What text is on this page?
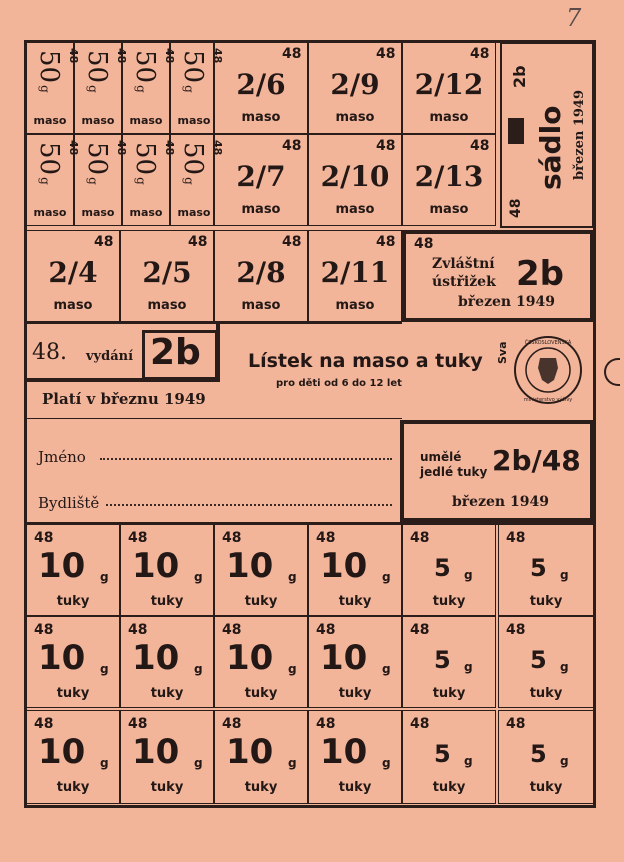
7
50g
48
maso
50g
48
maso
50g
48
maso
50g
48
maso
50g
48
maso
50g
48
maso
50g
48
maso
50g
48
maso
48
2/6
maso
48
2/9
maso
48
2/12
maso
48
2/7
maso
48
2/10
maso
48
2/13
maso
48
2/4
maso
48
2/5
maso
48
2/8
maso
48
2/11
maso
2b
sádlo březen 1949
48
48
Zvláštní
ústřižek 2b
březen 1949
48. vydání 2b
Platí v březnu 1949
Lístek na maso a tuky
pro děti od 6 do 12 let
Sva	ČESKOSLOVENSKÁ
ministerstvo výživy
Jméno
Bydliště
umělé
jedlé tuky 2b/48
březen 1949
48
10 g
tuky
48
10 g
tuky
48
10 g
tuky
48
10 g
tuky
48
5 g
tuky
48
5 g
tuky
48
10 g
tuky
48
10 g
tuky
48
10 g
tuky
48
10 g
tuky
48
5 g
tuky
48
5 g
tuky
48
10 g
tuky
48
10 g
tuky
48
10 g
tuky
48
10 g
tuky
48
5 g
tuky
48
5 g
tuky
